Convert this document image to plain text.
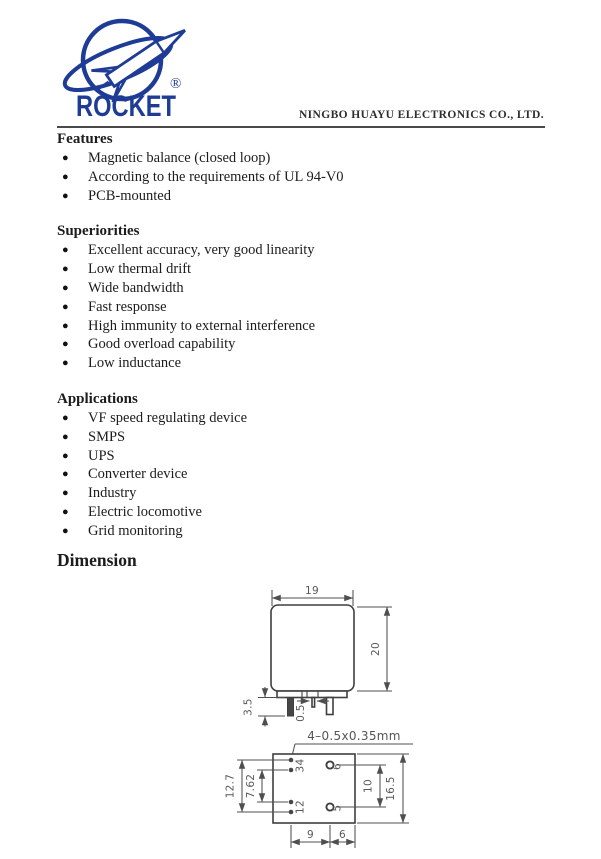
ROCKET
®
NINGBO HUAYU ELECTRONICS CO., LTD.
Features
● Magnetic balance (closed loop)
● According to the requirements of UL 94-V0
● PCB-mounted
Superiorities
● Excellent accuracy, very good linearity
● Low thermal drift
● Wide bandwidth
● Fast response
● High immunity to external interference
● Good overload capability
● Low inductance
Applications
● VF speed regulating device
● SMPS
● UPS
● Converter device
● Industry
● Electric locomotive
● Grid monitoring
Dimension
19
20
0.5
3.5
4–0.5x0.35mm
34
12
6
5
12.7 7.62	10 16.5
9 6
